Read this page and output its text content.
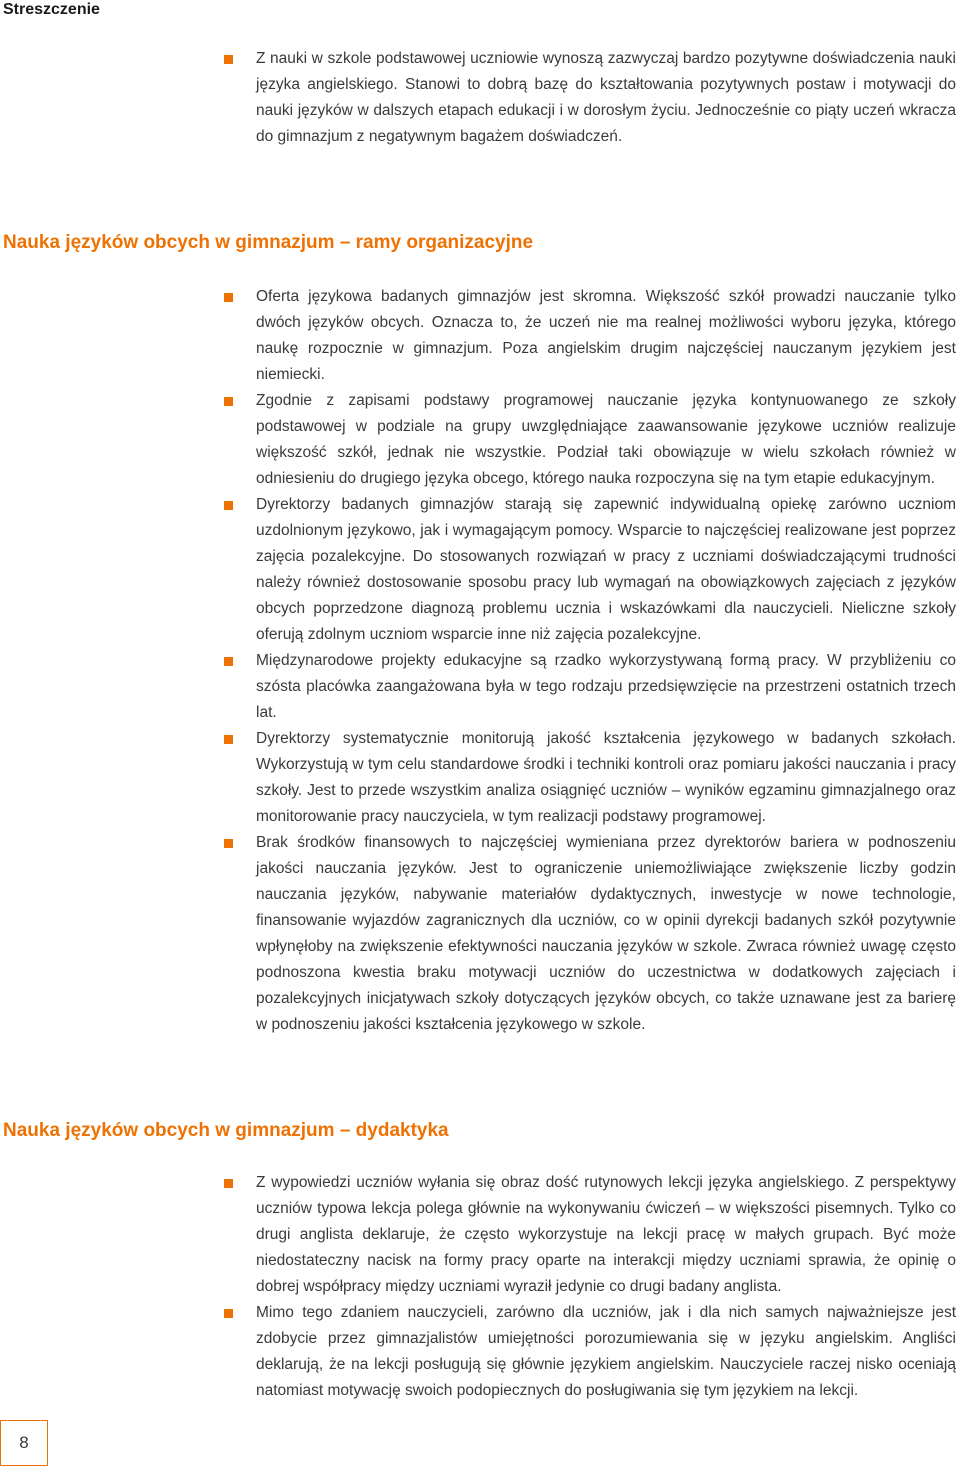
Streszczenie
Z nauki w szkole podstawowej uczniowie wynoszą zazwyczaj bardzo pozytywne doświadczenia nauki języka angielskiego. Stanowi to dobrą bazę do kształtowania pozytywnych postaw i motywacji do nauki języków w dalszych etapach edukacji i w dorosłym życiu. Jednocześnie co piąty uczeń wkracza do gimnazjum z negatywnym bagażem doświadczeń.
Nauka języków obcych w gimnazjum – ramy organizacyjne
Oferta językowa badanych gimnazjów jest skromna. Większość szkół prowadzi nauczanie tylko dwóch języków obcych. Oznacza to, że uczeń nie ma realnej możliwości wyboru języka, którego naukę rozpocznie w gimnazjum. Poza angielskim drugim najczęściej nauczanym językiem jest niemiecki.
Zgodnie z zapisami podstawy programowej nauczanie języka kontynuowanego ze szkoły podstawowej w podziale na grupy uwzględniające zaawansowanie językowe uczniów realizuje większość szkół, jednak nie wszystkie. Podział taki obowiązuje w wielu szkołach również w odniesieniu do drugiego języka obcego, którego nauka rozpoczyna się na tym etapie edukacyjnym.
Dyrektorzy badanych gimnazjów starają się zapewnić indywidualną opiekę zarówno uczniom uzdolnionym językowo, jak i wymagającym pomocy. Wsparcie to najczęściej realizowane jest poprzez zajęcia pozalekcyjne. Do stosowanych rozwiązań w pracy z uczniami doświadczającymi trudności należy również dostosowanie sposobu pracy lub wymagań na obowiązkowych zajęciach z języków obcych poprzedzone diagnozą problemu ucznia i wskazówkami dla nauczycieli. Nieliczne szkoły oferują zdolnym uczniom wsparcie inne niż zajęcia pozalekcyjne.
Międzynarodowe projekty edukacyjne są rzadko wykorzystywaną formą pracy. W przybliżeniu co szósta placówka zaangażowana była w tego rodzaju przedsięwzięcie na przestrzeni ostatnich trzech lat.
Dyrektorzy systematycznie monitorują jakość kształcenia językowego w badanych szkołach. Wykorzystują w tym celu standardowe środki i techniki kontroli oraz pomiaru jakości nauczania i pracy szkoły. Jest to przede wszystkim analiza osiągnięć uczniów – wyników egzaminu gimnazjalnego oraz monitorowanie pracy nauczyciela, w tym realizacji podstawy programowej.
Brak środków finansowych to najczęściej wymieniana przez dyrektorów bariera w podnoszeniu jakości nauczania języków. Jest to ograniczenie uniemożliwiające zwiększenie liczby godzin nauczania języków, nabywanie materiałów dydaktycznych, inwestycje w nowe technologie, finansowanie wyjazdów zagranicznych dla uczniów, co w opinii dyrekcji badanych szkół pozytywnie wpłynęłoby na zwiększenie efektywności nauczania języków w szkole. Zwraca również uwagę często podnoszona kwestia braku motywacji uczniów do uczestnictwa w dodatkowych zajęciach i pozalekcyjnych inicjatywach szkoły dotyczących języków obcych, co także uznawane jest za barierę w podnoszeniu jakości kształcenia językowego w szkole.
Nauka języków obcych w gimnazjum – dydaktyka
Z wypowiedzi uczniów wyłania się obraz dość rutynowych lekcji języka angielskiego. Z perspektywy uczniów typowa lekcja polega głównie na wykonywaniu ćwiczeń – w większości pisemnych. Tylko co drugi anglista deklaruje, że często wykorzystuje na lekcji pracę w małych grupach. Być może niedostateczny nacisk na formy pracy oparte na interakcji między uczniami sprawia, że opinię o dobrej współpracy między uczniami wyraził jedynie co drugi badany anglista.
Mimo tego zdaniem nauczycieli, zarówno dla uczniów, jak i dla nich samych najważniejsze jest zdobycie przez gimnazjalistów umiejętności porozumiewania się w języku angielskim. Angliści deklarują, że na lekcji posługują się głównie językiem angielskim. Nauczyciele raczej nisko oceniają natomiast motywację swoich podopiecznych do posługiwania się tym językiem na lekcji.
8
